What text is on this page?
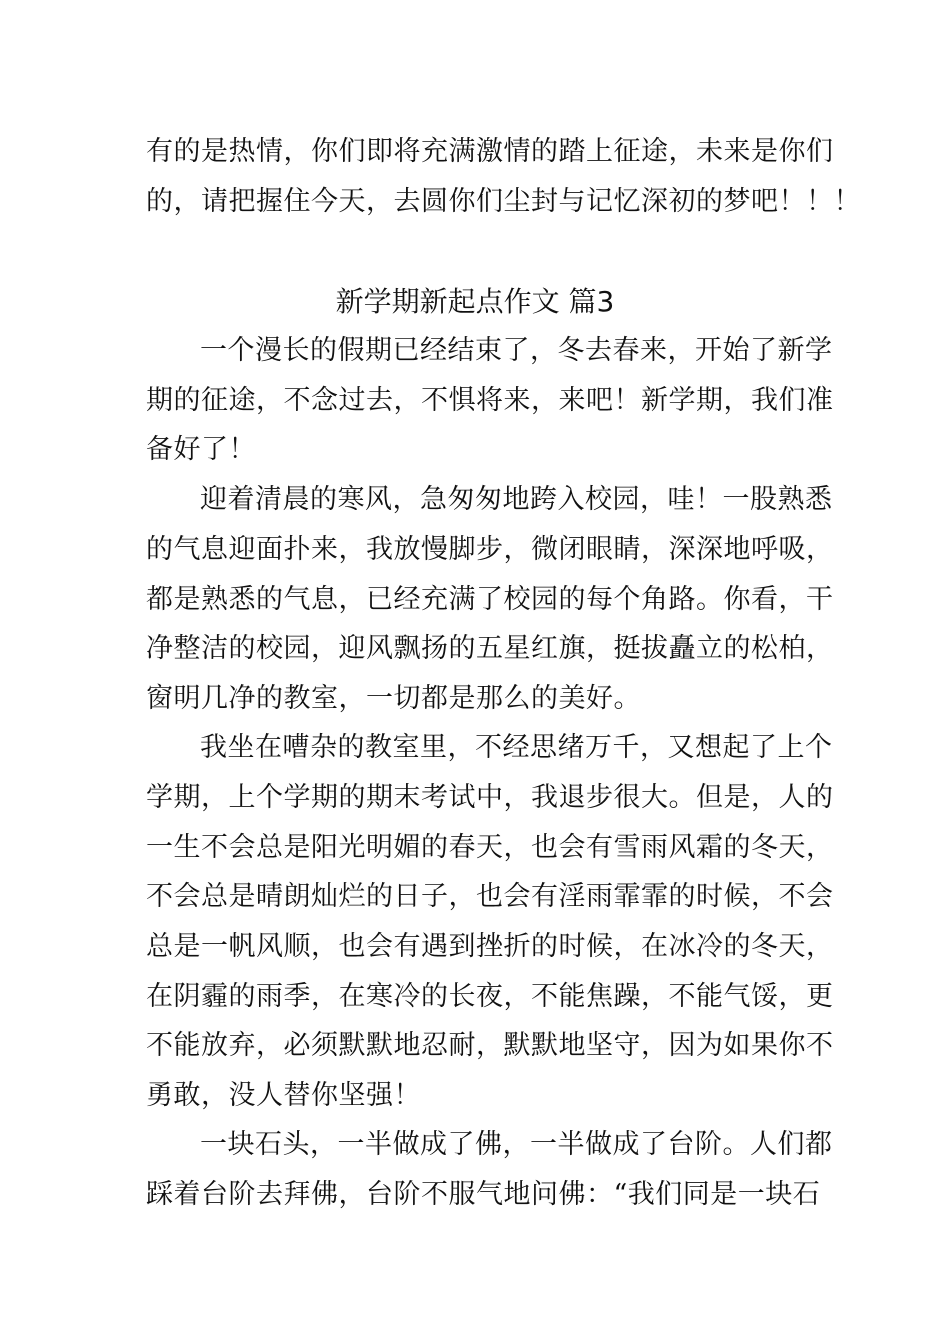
有的是热情，你们即将充满激情的踏上征途，未来是你们
的，请把握住今天，去圆你们尘封与记忆深初的梦吧！！！
新学期新起点作文 篇3
一个漫长的假期已经结束了，冬去春来，开始了新学
期的征途，不念过去，不惧将来，来吧！新学期，我们准
备好了！
迎着清晨的寒风，急匆匆地跨入校园，哇！一股熟悉
的气息迎面扑来，我放慢脚步，微闭眼睛，深深地呼吸，
都是熟悉的气息，已经充满了校园的每个角路。你看，干
净整洁的校园，迎风飘扬的五星红旗，挺拔矗立的松柏，
窗明几净的教室，一切都是那么的美好。
我坐在嘈杂的教室里，不经思绪万千，又想起了上个
学期，上个学期的期末考试中，我退步很大。但是，人的
一生不会总是阳光明媚的春天，也会有雪雨风霜的冬天，
不会总是晴朗灿烂的日子，也会有淫雨霏霏的时候，不会
总是一帆风顺，也会有遇到挫折的时候，在冰冷的冬天，
在阴霾的雨季，在寒冷的长夜，不能焦躁，不能气馁，更
不能放弃，必须默默地忍耐，默默地坚守，因为如果你不
勇敢，没人替你坚强！
一块石头，一半做成了佛，一半做成了台阶。人们都
踩着台阶去拜佛，台阶不服气地问佛：“我们同是一块石
